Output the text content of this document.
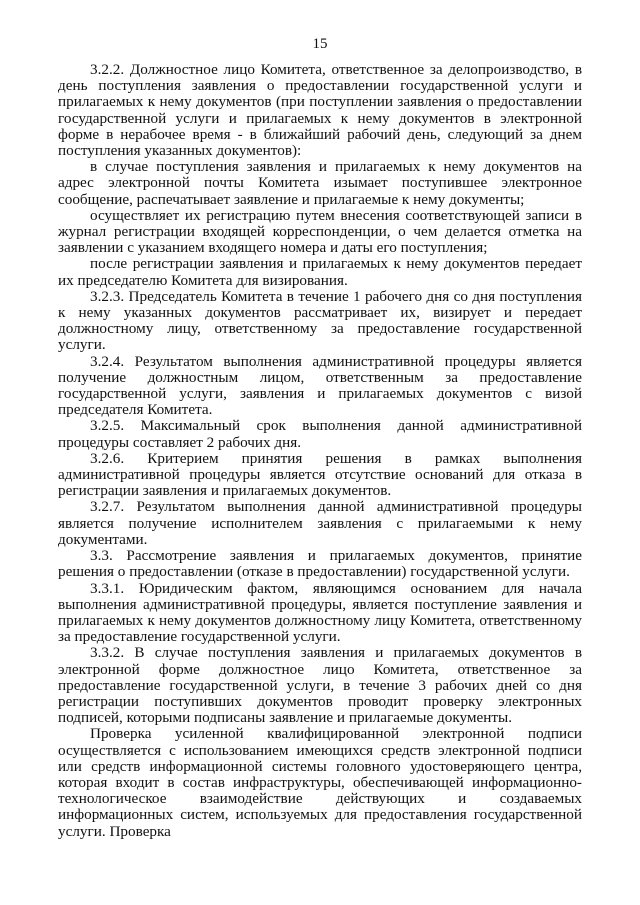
15

3.2.2. Должностное лицо Комитета, ответственное за делопроизводство, в день поступления заявления о предоставлении государственной услуги и прилагаемых к нему документов (при поступлении заявления о предоставлении государственной услуги и прилагаемых к нему документов в электронной форме в нерабочее время - в ближайший рабочий день, следующий за днем поступления указанных документов):

в случае поступления заявления и прилагаемых к нему документов на адрес электронной почты Комитета изымает поступившее электронное сообщение, распечатывает заявление и прилагаемые к нему документы;

осуществляет их регистрацию путем внесения соответствующей записи в журнал регистрации входящей корреспонденции, о чем делается отметка на заявлении с указанием входящего номера и даты его поступления;

после регистрации заявления и прилагаемых к нему документов передает их председателю Комитета для визирования.

3.2.3. Председатель Комитета в течение 1 рабочего дня со дня поступления к нему указанных документов рассматривает их, визирует и передает должностному лицу, ответственному за предоставление государственной услуги.

3.2.4. Результатом выполнения административной процедуры является получение должностным лицом, ответственным за предоставление государственной услуги, заявления и прилагаемых документов с визой председателя Комитета.

3.2.5. Максимальный срок выполнения данной административной процедуры составляет 2 рабочих дня.

3.2.6. Критерием принятия решения в рамках выполнения административной процедуры является отсутствие оснований для отказа в регистрации заявления и прилагаемых документов.

3.2.7. Результатом выполнения данной административной процедуры является получение исполнителем заявления с прилагаемыми к нему документами.

3.3. Рассмотрение заявления и прилагаемых документов, принятие решения о предоставлении (отказе в предоставлении) государственной услуги.

3.3.1. Юридическим фактом, являющимся основанием для начала выполнения административной процедуры, является поступление заявления и прилагаемых к нему документов должностному лицу Комитета, ответственному за предоставление государственной услуги.

3.3.2. В случае поступления заявления и прилагаемых документов в электронной форме должностное лицо Комитета, ответственное за предоставление государственной услуги, в течение 3 рабочих дней со дня регистрации поступивших документов проводит проверку электронных подписей, которыми подписаны заявление и прилагаемые документы.

Проверка усиленной квалифицированной электронной подписи осуществляется с использованием имеющихся средств электронной подписи или средств информационной системы головного удостоверяющего центра, которая входит в состав инфраструктуры, обеспечивающей информационно-технологическое взаимодействие действующих и создаваемых информационных систем, используемых для предоставления государственной услуги. Проверка
